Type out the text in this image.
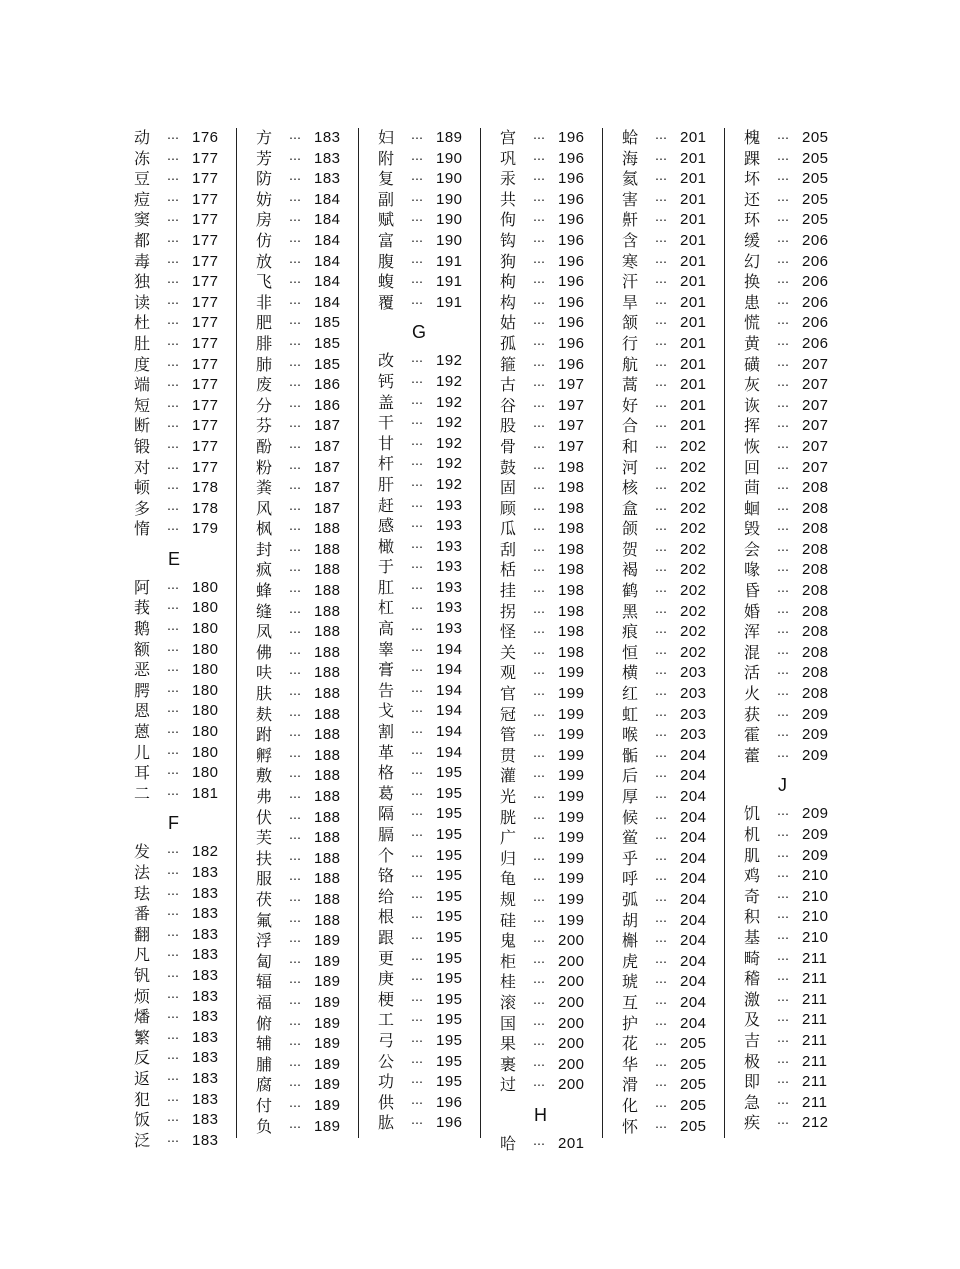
动	⋯ 176
冻	⋯ 177
豆	⋯ 177
痘	⋯ 177
窦	⋯ 177
都	⋯ 177
毒	⋯ 177
独	⋯ 177
读	⋯ 177
杜	⋯ 177
肚	⋯ 177
度	⋯ 177
端	⋯ 177
短	⋯ 177
断	⋯ 177
锻	⋯ 177
对	⋯ 177
顿	⋯ 178
多	⋯ 178
惰	⋯ 179
E
阿	⋯ 180
莪	⋯ 180
鹅	⋯ 180
额	⋯ 180
恶	⋯ 180
腭	⋯ 180
恩	⋯ 180
蒽	⋯ 180
儿	⋯ 180
耳	⋯ 180
二	⋯ 181
F
发	⋯ 182
法	⋯ 183
珐	⋯ 183
番	⋯ 183
翻	⋯ 183
凡	⋯ 183
钒	⋯ 183
烦	⋯ 183
燔	⋯ 183
繁	⋯ 183
反	⋯ 183
返	⋯ 183
犯	⋯ 183
饭	⋯ 183
泛	⋯ 183
方	⋯ 183
芳	⋯ 183
防	⋯ 183
妨	⋯ 184
房	⋯ 184
仿	⋯ 184
放	⋯ 184
飞	⋯ 184
非	⋯ 184
肥	⋯ 185
腓	⋯ 185
肺	⋯ 185
废	⋯ 186
分	⋯ 186
芬	⋯ 187
酚	⋯ 187
粉	⋯ 187
粪	⋯ 187
风	⋯ 187
枫	⋯ 188
封	⋯ 188
疯	⋯ 188
蜂	⋯ 188
缝	⋯ 188
凤	⋯ 188
佛	⋯ 188
呋	⋯ 188
肤	⋯ 188
麸	⋯ 188
跗	⋯ 188
孵	⋯ 188
敷	⋯ 188
弗	⋯ 188
伏	⋯ 188
芙	⋯ 188
扶	⋯ 188
服	⋯ 188
茯	⋯ 188
氟	⋯ 188
浮	⋯ 189
匐	⋯ 189
辐	⋯ 189
福	⋯ 189
俯	⋯ 189
辅	⋯ 189
脯	⋯ 189
腐	⋯ 189
付	⋯ 189
负	⋯ 189
妇	⋯ 189
附	⋯ 190
复	⋯ 190
副	⋯ 190
赋	⋯ 190
富	⋯ 190
腹	⋯ 191
蝮	⋯ 191
覆	⋯ 191
G
改	⋯ 192
钙	⋯ 192
盖	⋯ 192
干	⋯ 192
甘	⋯ 192
杆	⋯ 192
肝	⋯ 192
赶	⋯ 193
感	⋯ 193
橄	⋯ 193
于	⋯ 193
肛	⋯ 193
杠	⋯ 193
高	⋯ 193
睾	⋯ 194
膏	⋯ 194
告	⋯ 194
戈	⋯ 194
割	⋯ 194
革	⋯ 194
格	⋯ 195
葛	⋯ 195
隔	⋯ 195
膈	⋯ 195
个	⋯ 195
铬	⋯ 195
给	⋯ 195
根	⋯ 195
跟	⋯ 195
更	⋯ 195
庚	⋯ 195
梗	⋯ 195
工	⋯ 195
弓	⋯ 195
公	⋯ 195
功	⋯ 195
供	⋯ 196
肱	⋯ 196
宫	⋯ 196
巩	⋯ 196
汞	⋯ 196
共	⋯ 196
佝	⋯ 196
钩	⋯ 196
狗	⋯ 196
枸	⋯ 196
构	⋯ 196
姑	⋯ 196
孤	⋯ 196
箍	⋯ 196
古	⋯ 197
谷	⋯ 197
股	⋯ 197
骨	⋯ 197
鼓	⋯ 198
固	⋯ 198
顾	⋯ 198
瓜	⋯ 198
刮	⋯ 198
栝	⋯ 198
挂	⋯ 198
拐	⋯ 198
怪	⋯ 198
关	⋯ 198
观	⋯ 199
官	⋯ 199
冠	⋯ 199
管	⋯ 199
贯	⋯ 199
灌	⋯ 199
光	⋯ 199
胱	⋯ 199
广	⋯ 199
归	⋯ 199
龟	⋯ 199
规	⋯ 199
硅	⋯ 199
鬼	⋯ 200
柜	⋯ 200
桂	⋯ 200
滚	⋯ 200
国	⋯ 200
果	⋯ 200
裹	⋯ 200
过	⋯ 200
H
哈	⋯ 201
蛤	⋯ 201
海	⋯ 201
氦	⋯ 201
害	⋯ 201
鼾	⋯ 201
含	⋯ 201
寒	⋯ 201
汗	⋯ 201
旱	⋯ 201
颔	⋯ 201
行	⋯ 201
航	⋯ 201
蒿	⋯ 201
好	⋯ 201
合	⋯ 201
和	⋯ 202
河	⋯ 202
核	⋯ 202
盒	⋯ 202
颌	⋯ 202
贺	⋯ 202
褐	⋯ 202
鹤	⋯ 202
黑	⋯ 202
痕	⋯ 202
恒	⋯ 202
横	⋯ 203
红	⋯ 203
虹	⋯ 203
喉	⋯ 203
骺	⋯ 204
后	⋯ 204
厚	⋯ 204
候	⋯ 204
鲎	⋯ 204
乎	⋯ 204
呼	⋯ 204
弧	⋯ 204
胡	⋯ 204
槲	⋯ 204
虎	⋯ 204
琥	⋯ 204
互	⋯ 204
护	⋯ 204
花	⋯ 205
华	⋯ 205
滑	⋯ 205
化	⋯ 205
怀	⋯ 205
槐	⋯ 205
踝	⋯ 205
坏	⋯ 205
还	⋯ 205
环	⋯ 205
缓	⋯ 206
幻	⋯ 206
换	⋯ 206
患	⋯ 206
慌	⋯ 206
黄	⋯ 206
磺	⋯ 207
灰	⋯ 207
诙	⋯ 207
挥	⋯ 207
恢	⋯ 207
回	⋯ 207
茴	⋯ 208
蛔	⋯ 208
毁	⋯ 208
会	⋯ 208
喙	⋯ 208
昏	⋯ 208
婚	⋯ 208
浑	⋯ 208
混	⋯ 208
活	⋯ 208
火	⋯ 208
获	⋯ 209
霍	⋯ 209
藿	⋯ 209
J
饥	⋯ 209
机	⋯ 209
肌	⋯ 209
鸡	⋯ 210
奇	⋯ 210
积	⋯ 210
基	⋯ 210
畸	⋯ 211
稽	⋯ 211
激	⋯ 211
及	⋯ 211
吉	⋯ 211
极	⋯ 211
即	⋯ 211
急	⋯ 211
疾	⋯ 212
